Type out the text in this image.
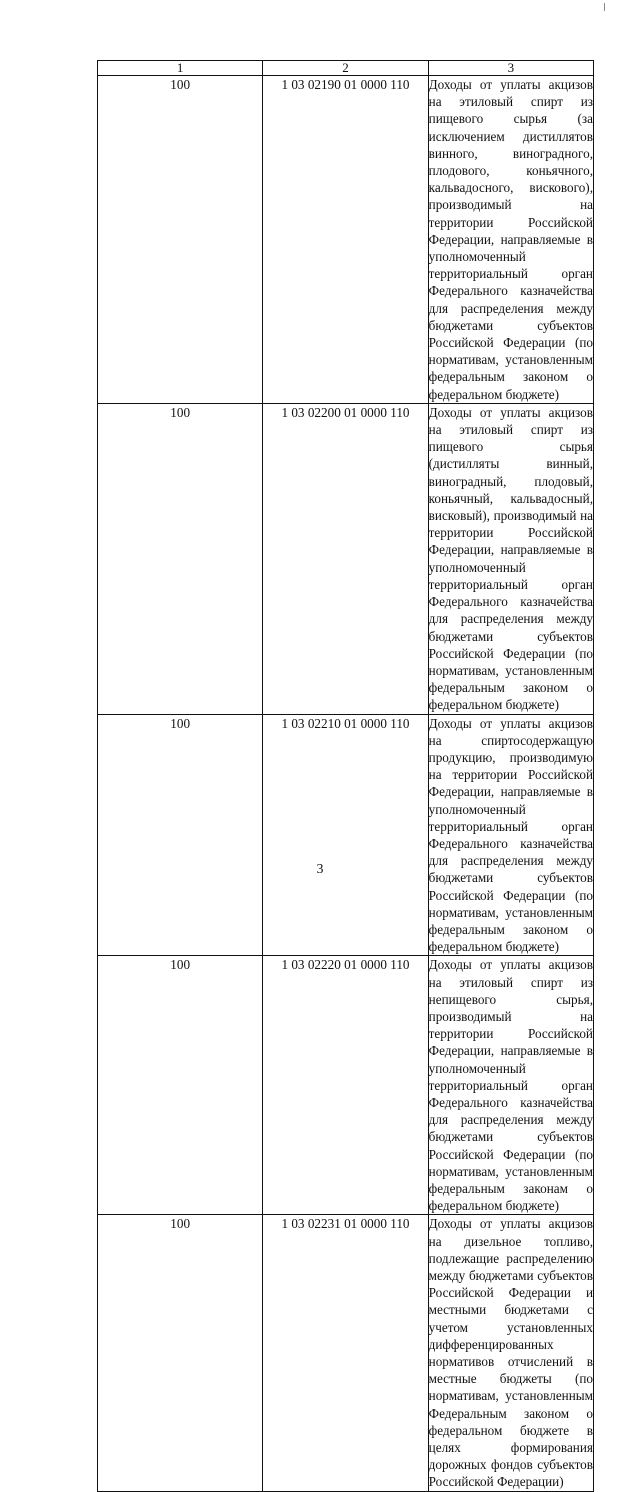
1	2	3
100	1 03 02190 01 0000 110	Доходы от уплаты акцизов на этиловый спирт из пищевого сырья (за исключением дистиллятов винного, виноградного, плодового, коньячного, кальвадосного, вискового), производимый на территории Российской Федерации, направляемые в уполномоченный территориальный орган Федерального казначейства для распределения между бюджетами субъектов Российской Федерации (по нормативам, установленным федеральным законом о федеральном бюджете)
100	1 03 02200 01 0000 110	Доходы от уплаты акцизов на этиловый спирт из пищевого сырья (дистилляты винный, виноградный, плодовый, коньячный, кальвадосный, висковый), производимый на территории Российской Федерации, направляемые в уполномоченный территориальный орган Федерального казначейства для распределения между бюджетами субъектов Российской Федерации (по нормативам, установленным федеральным законом о федеральном бюджете)
100	1 03 02210 01 0000 110	Доходы от уплаты акцизов на спиртосодержащую продукцию, производимую на территории Российской Федерации, направляемые в уполномоченный территориальный орган Федерального казначейства для распределения между бюджетами субъектов Российской Федерации (по нормативам, установленным федеральным законом о федеральном бюджете)
100	1 03 02220 01 0000 110	Доходы от уплаты акцизов на этиловый спирт из непищевого сырья, производимый на территории Российской Федерации, направляемые в уполномоченный территориальный орган Федерального казначейства для распределения между бюджетами субъектов Российской Федерации (по нормативам, установленным федеральным законам о федеральном бюджете)
100	1 03 02231 01 0000 110	Доходы от уплаты акцизов на дизельное топливо, подлежащие распределению между бюджетами субъектов Российской Федерации и местными бюджетами с учетом установленных дифференцированных нормативов отчислений в местные бюджеты (по нормативам, установленным Федеральным законом о федеральном бюджете в целях формирования дорожных фондов субъектов Российской Федерации)
3
